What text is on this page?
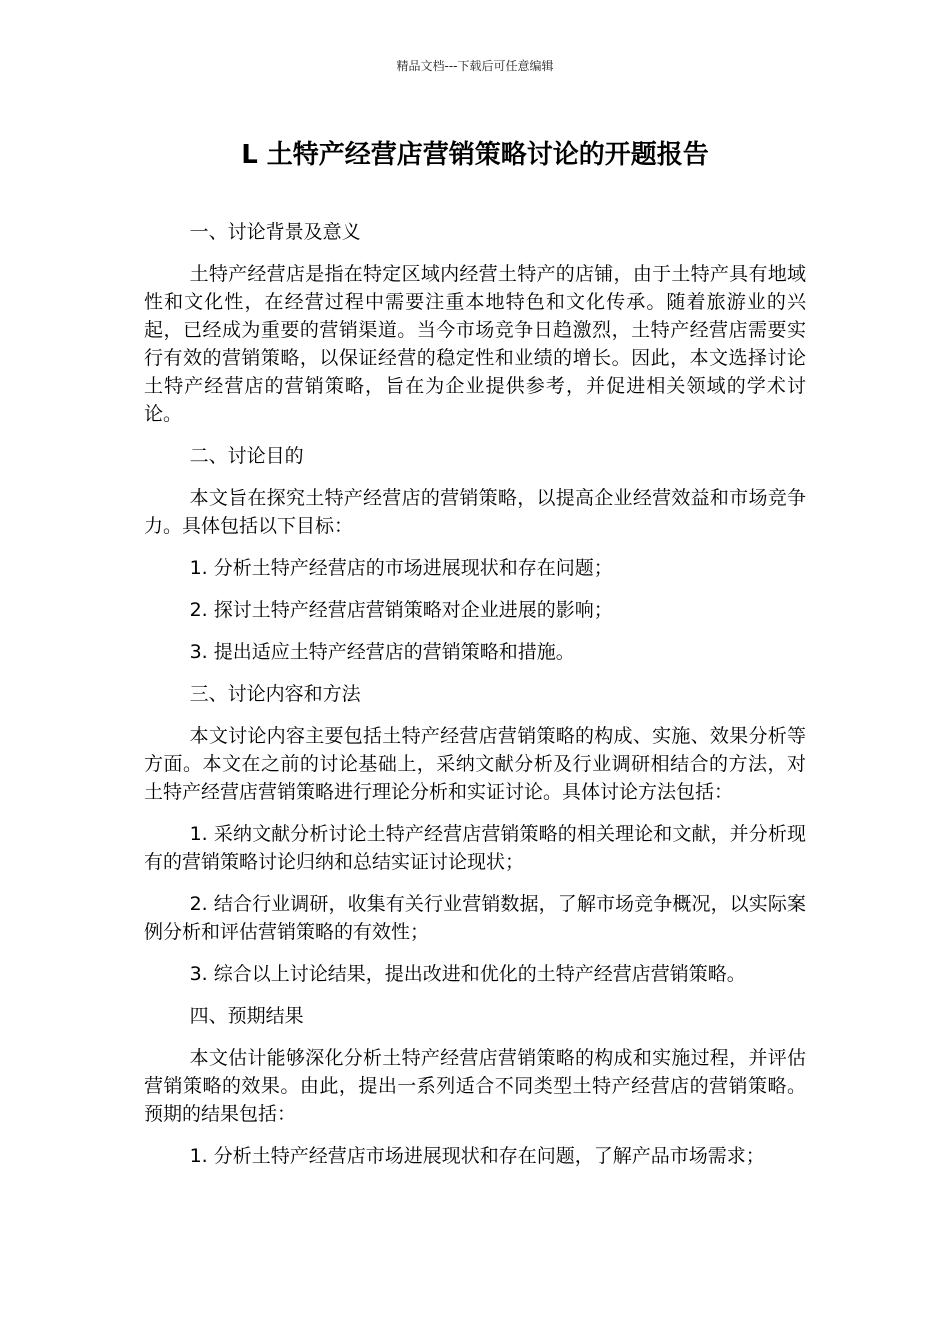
精品文档---下载后可任意编辑
L 土特产经营店营销策略讨论的开题报告

一、讨论背景及意义

土特产经营店是指在特定区域内经营土特产的店铺，由于土特产具有地域性和文化性，在经营过程中需要注重本地特色和文化传承。随着旅游业的兴起，已经成为重要的营销渠道。当今市场竞争日趋激烈，土特产经营店需要实行有效的营销策略，以保证经营的稳定性和业绩的增长。因此，本文选择讨论土特产经营店的营销策略，旨在为企业提供参考，并促进相关领域的学术讨论。

二、讨论目的

本文旨在探究土特产经营店的营销策略，以提高企业经营效益和市场竞争力。具体包括以下目标：

1. 分析土特产经营店的市场进展现状和存在问题；

2. 探讨土特产经营店营销策略对企业进展的影响；

3. 提出适应土特产经营店的营销策略和措施。

三、讨论内容和方法

本文讨论内容主要包括土特产经营店营销策略的构成、实施、效果分析等方面。本文在之前的讨论基础上，采纳文献分析及行业调研相结合的方法，对土特产经营店营销策略进行理论分析和实证讨论。具体讨论方法包括：

1. 采纳文献分析讨论土特产经营店营销策略的相关理论和文献，并分析现有的营销策略讨论归纳和总结实证讨论现状；

2. 结合行业调研，收集有关行业营销数据，了解市场竞争概况，以实际案例分析和评估营销策略的有效性；

3. 综合以上讨论结果，提出改进和优化的土特产经营店营销策略。

四、预期结果

本文估计能够深化分析土特产经营店营销策略的构成和实施过程，并评估营销策略的效果。由此，提出一系列适合不同类型土特产经营店的营销策略。预期的结果包括：

1. 分析土特产经营店市场进展现状和存在问题，了解产品市场需求；
